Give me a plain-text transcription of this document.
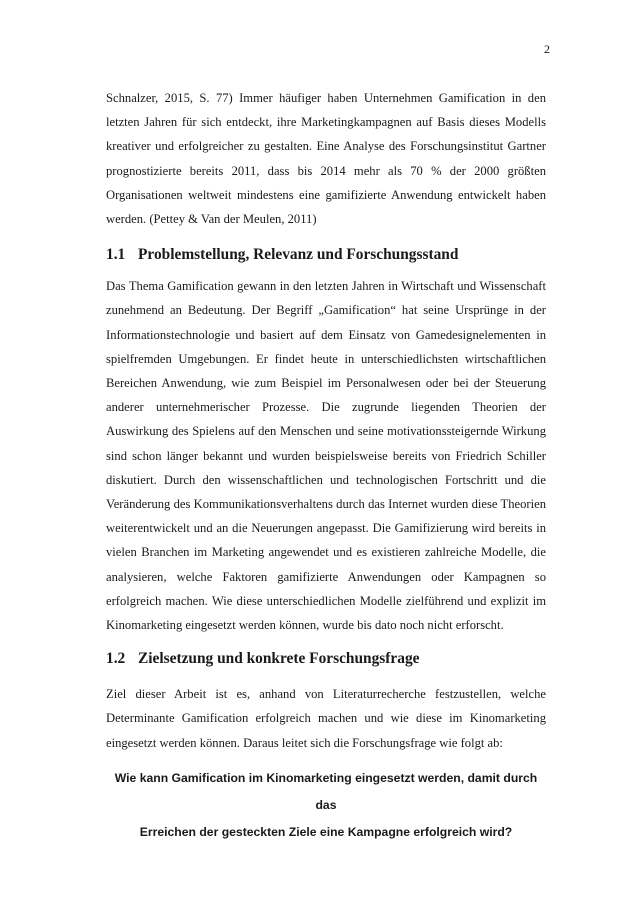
2

Schnalzer, 2015, S. 77) Immer häufiger haben Unternehmen Gamification in den letzten Jahren für sich entdeckt, ihre Marketingkampagnen auf Basis dieses Modells kreativer und erfolgreicher zu gestalten. Eine Analyse des Forschungsinstitut Gartner prognostizierte bereits 2011, dass bis 2014 mehr als 70 % der 2000 größten Organisationen weltweit mindestens eine gamifizierte Anwendung entwickelt haben werden. (Pettey & Van der Meulen, 2011)

1.1 Problemstellung, Relevanz und Forschungsstand

Das Thema Gamification gewann in den letzten Jahren in Wirtschaft und Wissenschaft zunehmend an Bedeutung. Der Begriff „Gamification“ hat seine Ursprünge in der Informationstechnologie und basiert auf dem Einsatz von Gamedesignelementen in spielfremden Umgebungen. Er findet heute in unterschiedlichsten wirtschaftlichen Bereichen Anwendung, wie zum Beispiel im Personalwesen oder bei der Steuerung anderer unternehmerischer Prozesse. Die zugrunde liegenden Theorien der Auswirkung des Spielens auf den Menschen und seine motivationssteigernde Wirkung sind schon länger bekannt und wurden beispielsweise bereits von Friedrich Schiller diskutiert. Durch den wissenschaftlichen und technologischen Fortschritt und die Veränderung des Kommunikationsverhaltens durch das Internet wurden diese Theorien weiterentwickelt und an die Neuerungen angepasst. Die Gamifizierung wird bereits in vielen Branchen im Marketing angewendet und es existieren zahlreiche Modelle, die analysieren, welche Faktoren gamifizierte Anwendungen oder Kampagnen so erfolgreich machen. Wie diese unterschiedlichen Modelle zielführend und explizit im Kinomarketing eingesetzt werden können, wurde bis dato noch nicht erforscht.

1.2 Zielsetzung und konkrete Forschungsfrage

Ziel dieser Arbeit ist es, anhand von Literaturrecherche festzustellen, welche Determinante Gamification erfolgreich machen und wie diese im Kinomarketing eingesetzt werden können. Daraus leitet sich die Forschungsfrage wie folgt ab:

Wie kann Gamification im Kinomarketing eingesetzt werden, damit durch das
Erreichen der gesteckten Ziele eine Kampagne erfolgreich wird?
